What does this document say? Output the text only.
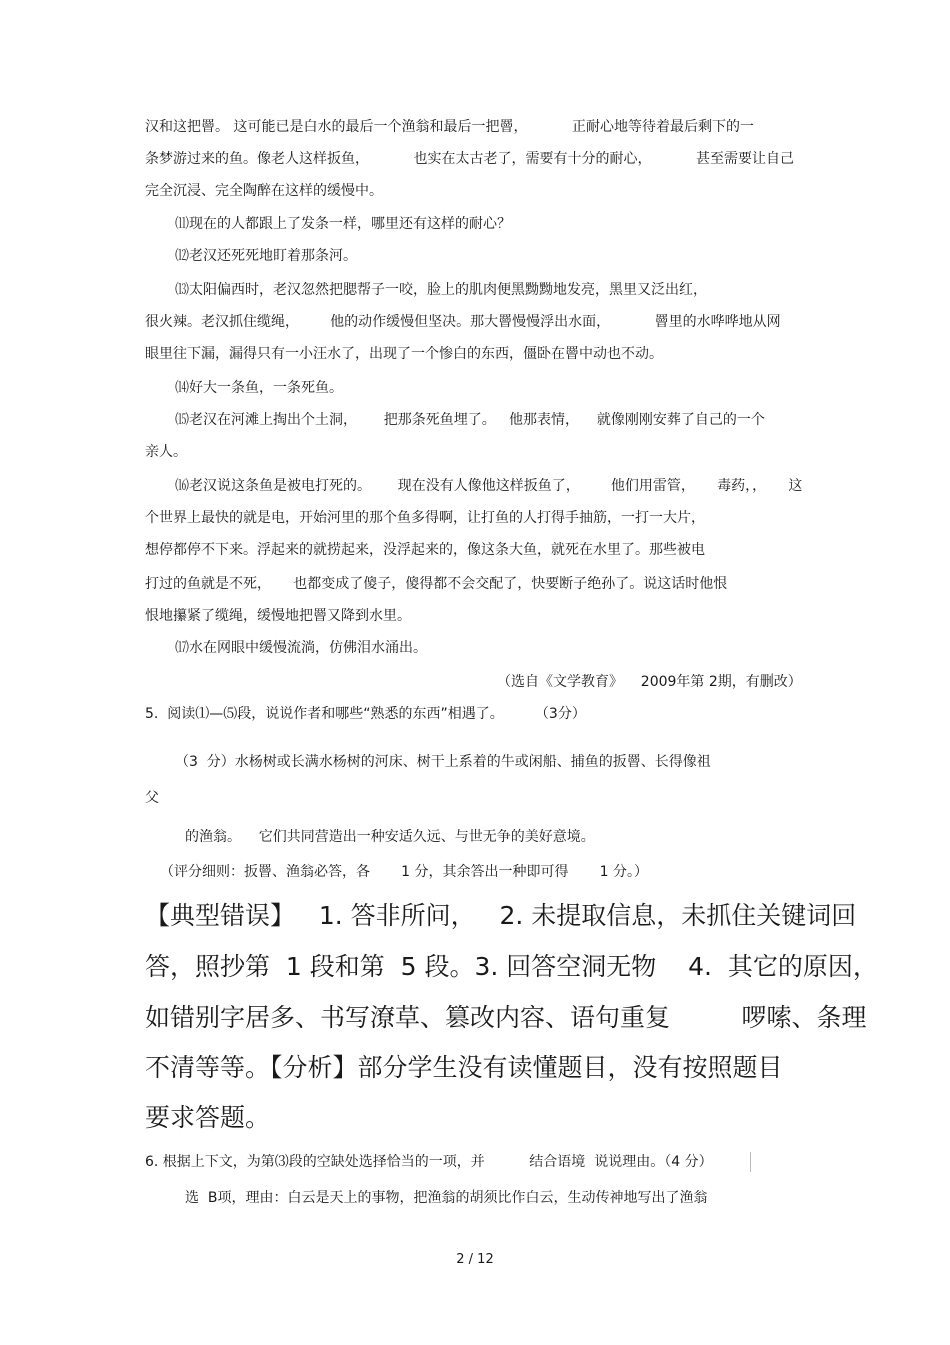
汉和这把罾。 这可能已是白水的最后一个渔翁和最后一把罾，          正耐心地等待着最后剩下的一
条梦游过来的鱼。像老人这样扳鱼，          也实在太古老了，需要有十分的耐心，          甚至需要让自己
完全沉浸、完全陶醉在这样的缓慢中。
⑾现在的人都跟上了发条一样，哪里还有这样的耐心？
⑿老汉还死死地盯着那条河。
⒀太阳偏西时，老汉忽然把腮帮子一咬，脸上的肌肉便黑黝黝地发亮，黑里又泛出红，
很火辣。老汉抓住缆绳，       他的动作缓慢但坚决。那大罾慢慢浮出水面，          罾里的水哗哗地从网
眼里往下漏，漏得只有一小汪水了，出现了一个惨白的东西，僵卧在罾中动也不动。
⒁好大一条鱼，一条死鱼。
⒂老汉在河滩上掏出个土洞，      把那条死鱼埋了。   他那表情，    就像刚刚安葬了自己的一个
亲人。
⒃老汉说这条鱼是被电打死的。      现在没有人像他这样扳鱼了，       他们用雷管，     毒药，，     这
个世界上最快的就是电，开始河里的那个鱼多得啊，让打鱼的人打得手抽筋，一打一大片，
想停都停不下来。浮起来的就捞起来，没浮起来的，像这条大鱼，就死在水里了。那些被电
打过的鱼就是不死，     也都变成了傻子，傻得都不会交配了，快要断子绝孙了。说这话时他恨
恨地攥紧了缆绳，缓慢地把罾又降到水里。
⒄水在网眼中缓慢流淌，仿佛泪水涌出。
（选自《文学教育》    2009年第 2期，有删改）
5.  阅读⑴—⑸段，说说作者和哪些“熟悉的东西”相遇了。       （3分）
（3  分）水杨树或长满水杨树的河床、树干上系着的牛或闲船、捕鱼的扳罾、长得像祖
父
的渔翁。    它们共同营造出一种安适久远、与世无争的美好意境。
（评分细则：扳罾、渔翁必答，各       1 分，其余答出一种即可得       1 分。）
【典型错误】   1. 答非所问，   2. 未提取信息，未抓住关键词回
答，照抄第  1 段和第  5 段。3. 回答空洞无物    4.  其它的原因，
如错别字居多、书写潦草、篡改内容、语句重复         啰嗦、条理
不清等等。【分析】部分学生没有读懂题目，没有按照题目
要求答题。
6. 根据上下文，为第⑶段的空缺处选择恰当的一项，并          结合语境  说说理由。（4 分）
选  B项，理由：白云是天上的事物，把渔翁的胡须比作白云，生动传神地写出了渔翁
2 / 12
